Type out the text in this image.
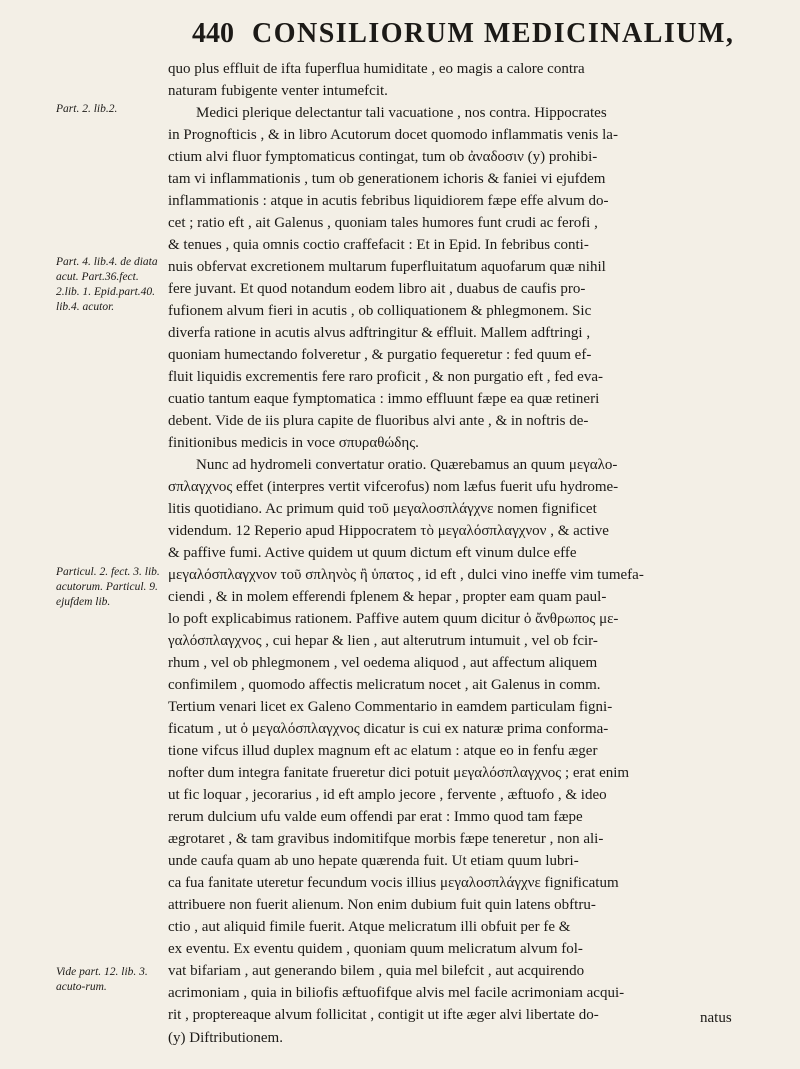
440 CONSILIORUM MEDICINALIUM,
Part. 2. lib.2.
Part. 4. lib.4. de diata acut. Part.36.fect. 2.lib. 1. Epid.part.40. lib.4. acutor.
Particul. 2. fect. 3. lib. acutorum. Particul. 9. ejufdem lib.
Vide part. 12. lib. 3. acuto-rum.
quo plus effluit de ifta fuperflua humiditate , eo magis a calore contra
naturam fubigente venter intumefcit.
Medici plerique delectantur tali vacuatione , nos contra. Hippocrates
in Prognofticis , & in libro Acutorum docet quomodo inflammatis venis la-
ctium alvi fluor fymptomaticus contingat, tum ob ἀναδοσιν (y) prohibi-
tam vi inflammationis , tum ob generationem ichoris & faniei vi ejufdem
inflammationis : atque in acutis febribus liquidiorem fæpe effe alvum do-
cet ; ratio eft , ait Galenus , quoniam tales humores funt crudi ac ferofi ,
& tenues , quia omnis coctio craffefacit : Et in Epid. In febribus conti-
nuis obfervat excretionem multarum fuperfluitatum aquofarum quæ nihil
fere juvant. Et quod notandum eodem libro ait , duabus de caufis pro-
fufionem alvum fieri in acutis , ob colliquationem & phlegmonem. Sic
diverfa ratione in acutis alvus adftringitur & effluit. Mallem adftringi ,
quoniam humectando folveretur , & purgatio fequeretur : fed quum ef-
fluit liquidis excrementis fere raro proficit , & non purgatio eft , fed eva-
cuatio tantum eaque fymptomatica : immo effluunt fæpe ea quæ retineri
debent. Vide de iis plura capite de fluoribus alvi ante , & in noftris de-
finitionibus medicis in voce σπυραθώδης.
Nunc ad hydromeli convertatur oratio. Quærebamus an quum μεγαλο-
σπλαγχνος effet (interpres vertit vifcerofus) nom læfus fuerit ufu hydrome-
litis quotidiano. Ac primum quid τοῦ μεγαλοσπλάγχνε nomen fignificet
videndum. 12 Reperio apud Hippocratem τὸ μεγαλόσπλαγχνον , & active
& paffive fumi. Active quidem ut quum dictum eft vinum dulce effe
μεγαλόσπλαγχνον τοῦ σπληνὸς ἢ ὑπατος , id eft , dulci vino ineffe vim tumefa-
ciendi , & in molem efferendi fplenem & hepar , propter eam quam paul-
lo poft explicabimus rationem. Paffive autem quum dicitur ὁ ἄνθρωπος με-
γαλόσπλαγχνος , cui hepar & lien , aut alterutrum intumuit , vel ob fcir-
rhum , vel ob phlegmonem , vel oedema aliquod , aut affectum aliquem
confimilem , quomodo affectis melicratum nocet , ait Galenus in comm.
Tertium venari licet ex Galeno Commentario in eamdem particulam figni-
ficatum , ut ὁ μεγαλόσπλαγχνος dicatur is cui ex naturæ prima conforma-
tione vifcus illud duplex magnum eft ac elatum : atque eo in fenfu æger
nofter dum integra fanitate frueretur dici potuit μεγαλόσπλαγχνος ; erat enim
ut fic loquar , jecorarius , id eft amplo jecore , fervente , æftuofo , & ideo
rerum dulcium ufu valde eum offendi par erat : Immo quod tam fæpe
ægrotaret , & tam gravibus indomitifque morbis fæpe teneretur , non ali-
unde caufa quam ab uno hepate quærenda fuit. Ut etiam quum lubri-
ca fua fanitate uteretur fecundum vocis illius μεγαλοσπλάγχνε fignificatum
attribuere non fuerit alienum. Non enim dubium fuit quin latens obftru-
ctio , aut aliquid fimile fuerit. Atque melicratum illi obfuit per fe &
ex eventu. Ex eventu quidem , quoniam quum melicratum alvum fol-
vat bifariam , aut generando bilem , quia mel bilefcit , aut acquirendo
acrimoniam , quia in biliofis æftuofifque alvis mel facile acrimoniam acqui-
rit , proptereaque alvum follicitat , contigit ut ifte æger alvi libertate do-	natus
(y) Diftributionem.
